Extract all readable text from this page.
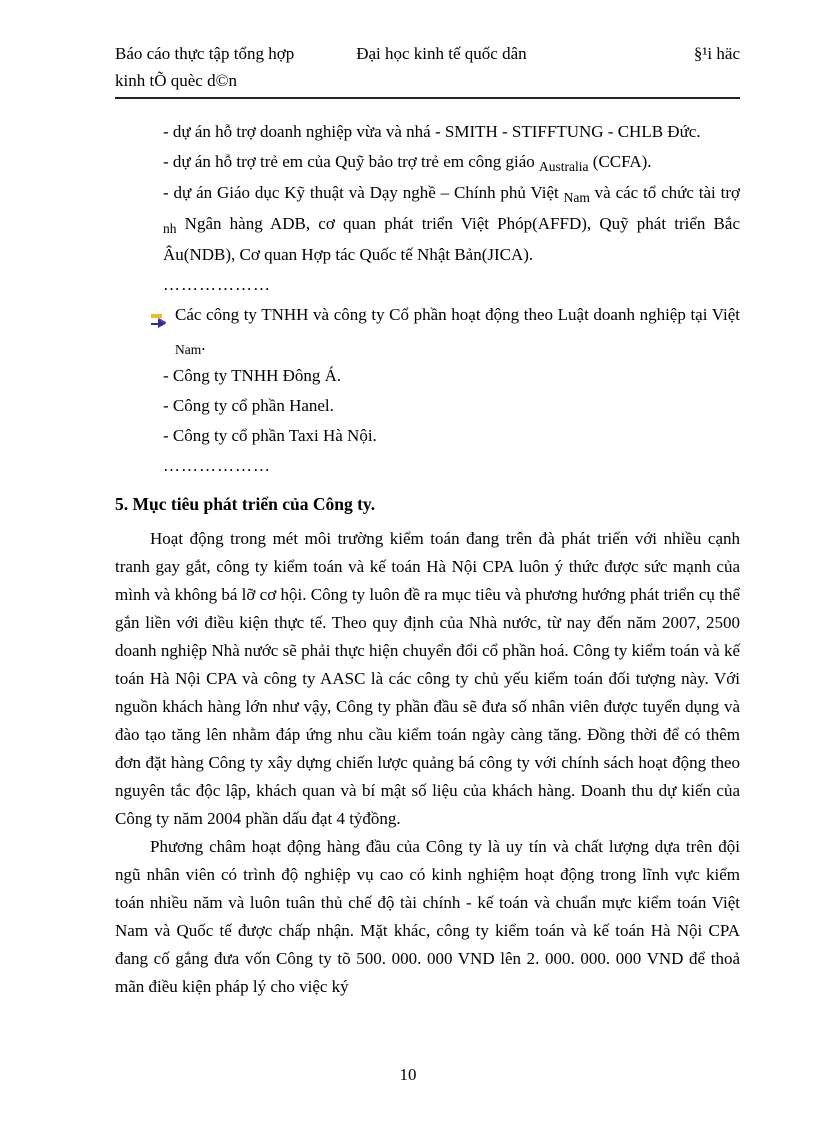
Báo cáo thực tập tổng hợp	Đại học kinh tế quốc dân	§¹i häc
kinh tÕ quèc d©n

- dự án hỗ trợ doanh nghiệp vừa và nhá - SMITH - STIFFTUNG - CHLB Đức.

- dự án hỗ trợ trẻ em của Quỹ bảo trợ trẻ em công giáo $_{Australia}$ (CCFA).

- dự án Giáo dục Kỹ thuật và Dạy nghề – Chính phủ Việt $_{Nam}$ và các tổ chức tài trợ $_{nh}$ Ngân hàng ADB, cơ quan phát triển Việt Phóp(AFFD), Quỹ phát triển Bắc Âu(NDB), Cơ quan Hợp tác Quốc tế Nhật Bản(JICA).

………………

Các công ty TNHH và công ty Cổ phần hoạt động theo Luật doanh nghiệp tại Việt $_{Nam}$.

- Công ty TNHH Đông Á.

- Công ty cổ phần Hanel.

- Công ty cổ phần Taxi Hà Nội.

………………

5. Mục tiêu phát triển của Công ty.

Hoạt động trong mét môi trường kiểm toán đang trên đà phát triển với nhiều cạnh tranh gay gắt, công ty kiểm toán và kế toán Hà Nội CPA luôn ý thức được sức mạnh của mình và không bá lỡ cơ hội. Công ty luôn đề ra mục tiêu và phương hướng phát triển cụ thể gắn liền với điều kiện thực tế. Theo quy định của Nhà nước, từ nay đến năm 2007, 2500 doanh nghiệp Nhà nước sẽ phải thực hiện chuyển đổi cổ phần hoá. Công ty kiểm toán và kế toán Hà Nội CPA và công ty AASC là các công ty chủ yếu kiểm toán đối tượng này. Với nguồn khách hàng lớn như vậy, Công ty phần đầu sẽ đưa số nhân viên được tuyển dụng và đào tạo tăng lên nhằm đáp ứng nhu cầu kiểm toán ngày càng tăng. Đồng thời để có thêm đơn đặt hàng Công ty xây dựng chiến lược quảng bá công ty với chính sách hoạt động theo nguyên tắc độc lập, khách quan và bí mật số liệu của khách hàng. Doanh thu dự kiến của Công ty năm 2004 phần dấu đạt 4 tỷđồng.

Phương châm hoạt động hàng đầu của Công ty là uy tín và chất lượng dựa trên đội ngũ nhân viên có trình độ nghiệp vụ cao có kinh nghiệm hoạt động trong lĩnh vực kiểm toán nhiều năm và luôn tuân thủ chế độ tài chính - kế toán và chuẩn mực kiểm toán Việt Nam và Quốc tế được chấp nhận. Mặt khác, công ty kiểm toán và kế toán Hà Nội CPA đang cố gắng đưa vốn Công ty tõ 500. 000. 000 VND lên 2. 000. 000. 000 VND để thoả mãn điều kiện pháp lý cho việc ký

10
